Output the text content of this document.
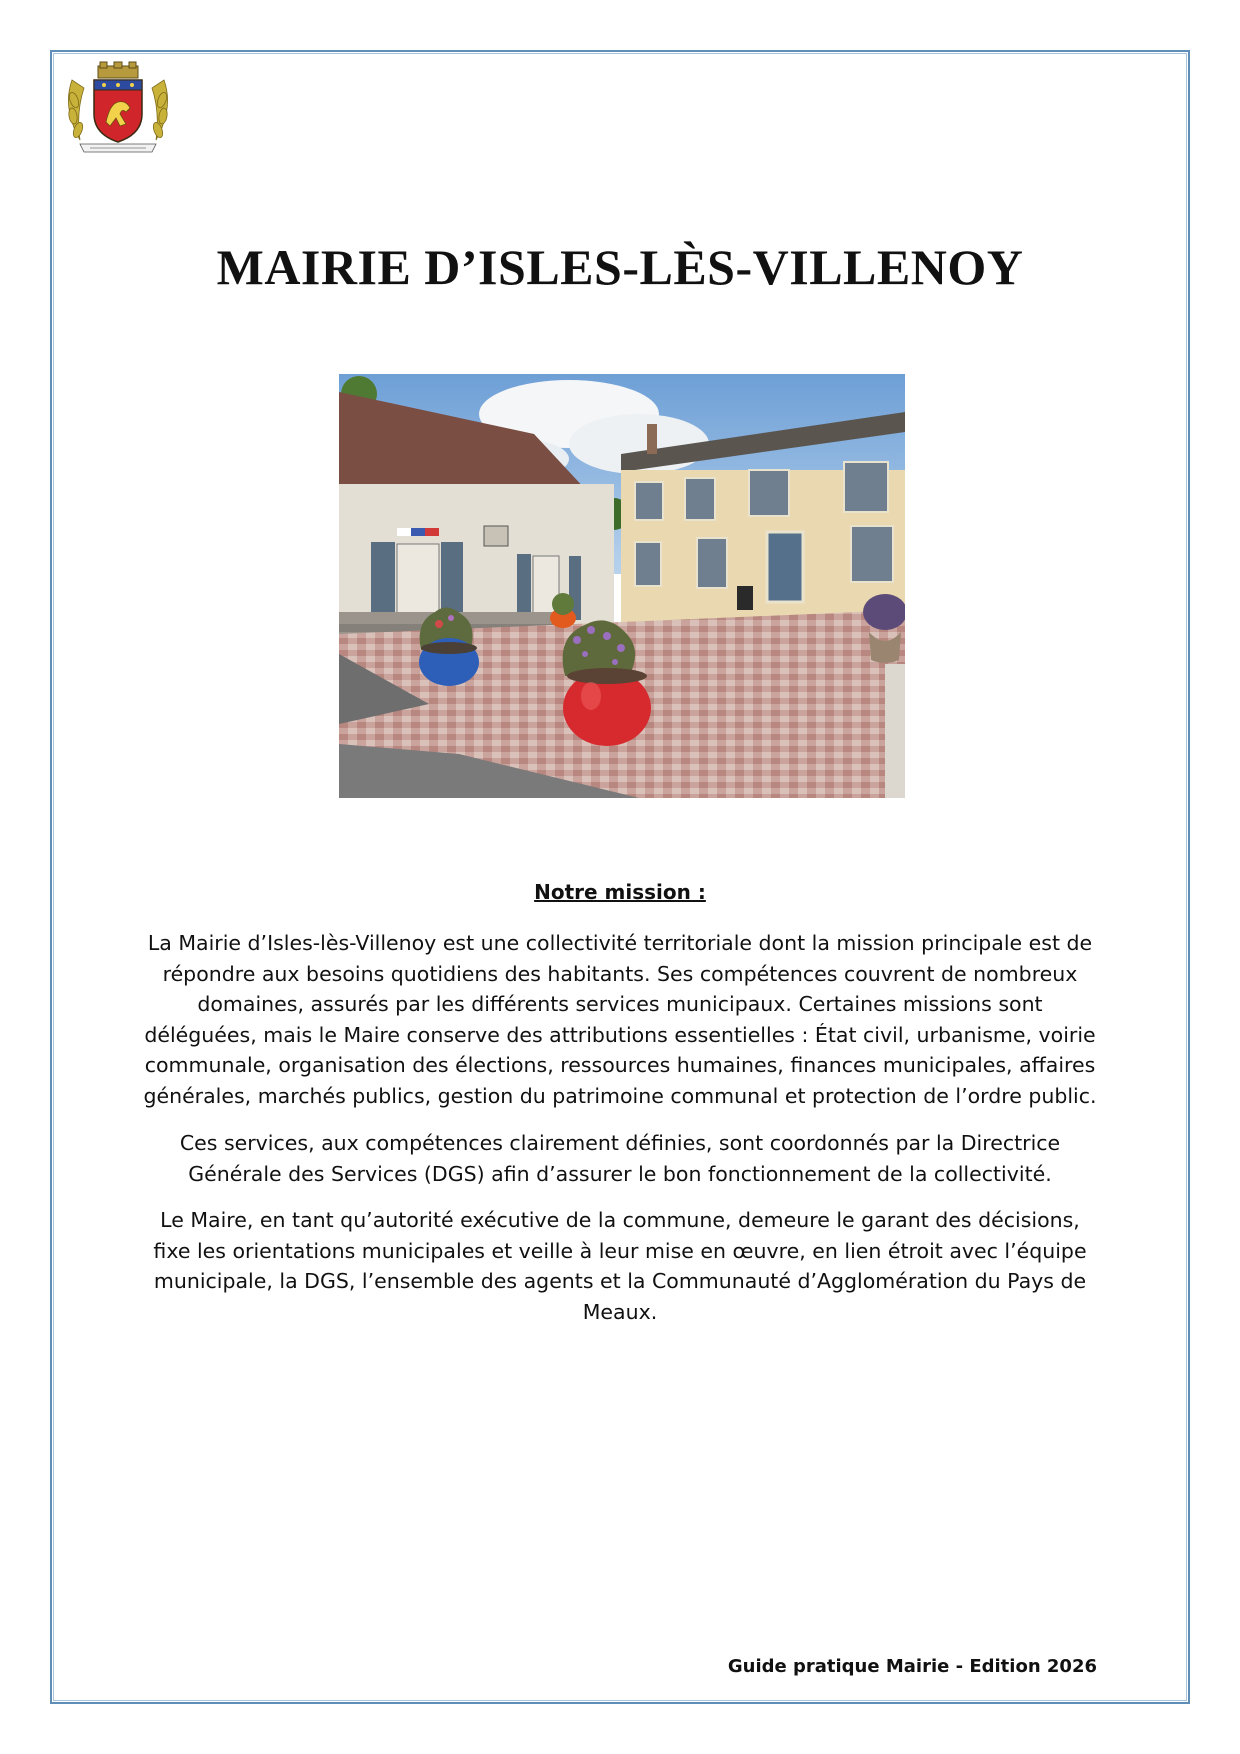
MAIRIE D’ISLES-LÈS-VILLENOY

Notre mission :

La Mairie d’Isles-lès-Villenoy est une collectivité territoriale dont la mission principale est de répondre aux besoins quotidiens des habitants. Ses compétences couvrent de nombreux domaines, assurés par les différents services municipaux. Certaines missions sont déléguées, mais le Maire conserve des attributions essentielles : État civil, urbanisme, voirie communale, organisation des élections, ressources humaines, finances municipales, affaires générales, marchés publics, gestion du patrimoine communal et protection de l’ordre public.

Ces services, aux compétences clairement définies, sont coordonnés par la Directrice Générale des Services (DGS) afin d’assurer le bon fonctionnement de la collectivité.

Le Maire, en tant qu’autorité exécutive de la commune, demeure le garant des décisions, fixe les orientations municipales et veille à leur mise en œuvre, en lien étroit avec l’équipe municipale, la DGS, l’ensemble des agents et la Communauté d’Agglomération du Pays de Meaux.

Guide pratique Mairie - Edition 2026
